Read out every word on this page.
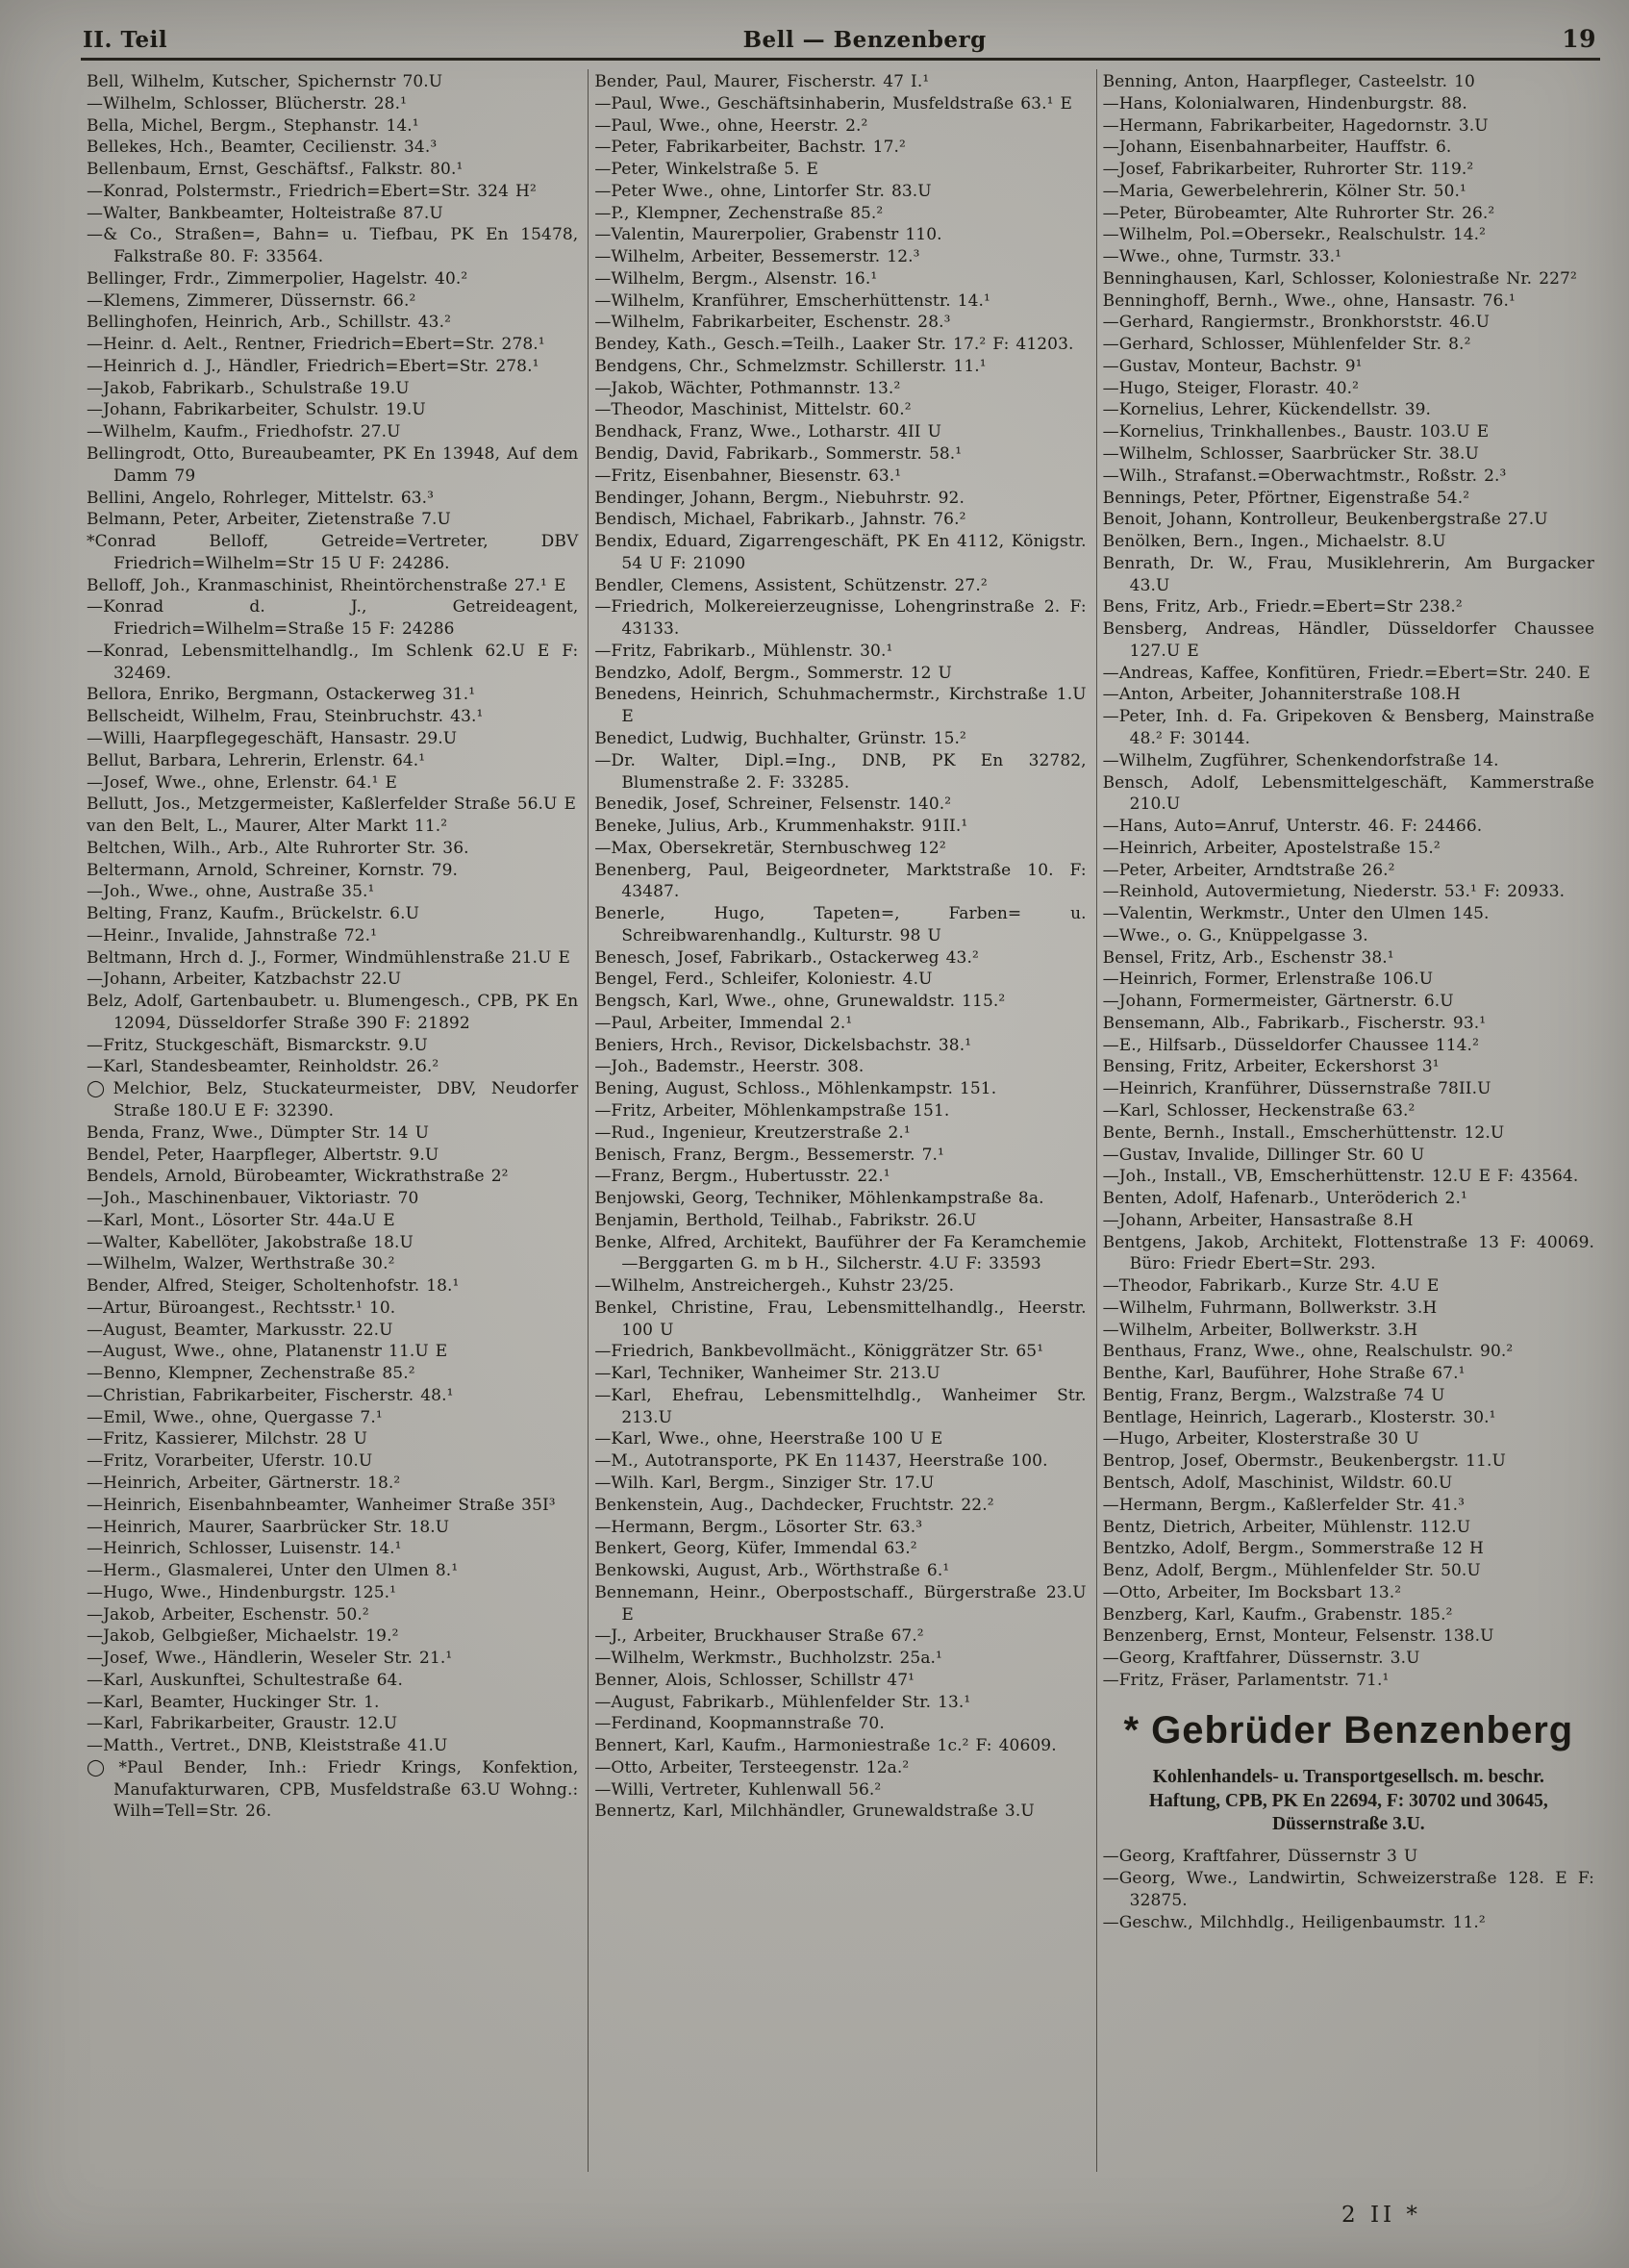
II. Teil	Bell — Benzenberg	19
Bell, Wilhelm, Kutscher, Spichernstr 70.U
—Wilhelm, Schlosser, Blücherstr. 28.¹
Bella, Michel, Bergm., Stephanstr. 14.¹
Bellekes, Hch., Beamter, Cecilienstr. 34.³
Bellenbaum, Ernst, Geschäftsf., Falkstr. 80.¹
—Konrad, Polstermstr., Friedrich=Ebert=Str. 324 H²
—Walter, Bankbeamter, Holteistraße 87.U
—& Co., Straßen=, Bahn= u. Tiefbau, PK En 15478, Falkstraße 80. F: 33564.
Bellinger, Frdr., Zimmerpolier, Hagelstr. 40.²
—Klemens, Zimmerer, Düssernstr. 66.²
Bellinghofen, Heinrich, Arb., Schillstr. 43.²
—Heinr. d. Aelt., Rentner, Friedrich=Ebert=Str. 278.¹
—Heinrich d. J., Händler, Friedrich=Ebert=Str. 278.¹
—Jakob, Fabrikarb., Schulstraße 19.U
—Johann, Fabrikarbeiter, Schulstr. 19.U
—Wilhelm, Kaufm., Friedhofstr. 27.U
Bellingrodt, Otto, Bureaubeamter, PK En 13948, Auf dem Damm 79
Bellini, Angelo, Rohrleger, Mittelstr. 63.³
Belmann, Peter, Arbeiter, Zietenstraße 7.U
*Conrad Belloff, Getreide=Vertreter, DBV Friedrich=Wilhelm=Str 15 U F: 24286.
Belloff, Joh., Kranmaschinist, Rheintörchenstraße 27.¹ E
—Konrad d. J., Getreideagent, Friedrich=Wilhelm=Straße 15 F: 24286
—Konrad, Lebensmittelhandlg., Im Schlenk 62.U E F: 32469.
Bellora, Enriko, Bergmann, Ostackerweg 31.¹
Bellscheidt, Wilhelm, Frau, Steinbruchstr. 43.¹
—Willi, Haarpflegegeschäft, Hansastr. 29.U
Bellut, Barbara, Lehrerin, Erlenstr. 64.¹
—Josef, Wwe., ohne, Erlenstr. 64.¹ E
Bellutt, Jos., Metzgermeister, Kaßlerfelder Straße 56.U E
van den Belt, L., Maurer, Alter Markt 11.²
Beltchen, Wilh., Arb., Alte Ruhrorter Str. 36.
Beltermann, Arnold, Schreiner, Kornstr. 79.
—Joh., Wwe., ohne, Austraße 35.¹
Belting, Franz, Kaufm., Brückelstr. 6.U
—Heinr., Invalide, Jahnstraße 72.¹
Beltmann, Hrch d. J., Former, Windmühlenstraße 21.U E
—Johann, Arbeiter, Katzbachstr 22.U
Belz, Adolf, Gartenbaubetr. u. Blumengesch., CPB, PK En 12094, Düsseldorfer Straße 390 F: 21892
—Fritz, Stuckgeschäft, Bismarckstr. 9.U
—Karl, Standesbeamter, Reinholdstr. 26.²
◯Melchior, Belz, Stuckateurmeister, DBV, Neudorfer Straße 180.U E F: 32390.
Benda, Franz, Wwe., Dümpter Str. 14 U
Bendel, Peter, Haarpfleger, Albertstr. 9.U
Bendels, Arnold, Bürobeamter, Wickrathstraße 2²
—Joh., Maschinenbauer, Viktoriastr. 70
—Karl, Mont., Lösorter Str. 44a.U E
—Walter, Kabellöter, Jakobstraße 18.U
—Wilhelm, Walzer, Werthstraße 30.²
Bender, Alfred, Steiger, Scholtenhofstr. 18.¹
—Artur, Büroangest., Rechtsstr.¹ 10.
—August, Beamter, Markusstr. 22.U
—August, Wwe., ohne, Platanenstr 11.U E
—Benno, Klempner, Zechenstraße 85.²
—Christian, Fabrikarbeiter, Fischerstr. 48.¹
—Emil, Wwe., ohne, Quergasse 7.¹
—Fritz, Kassierer, Milchstr. 28 U
—Fritz, Vorarbeiter, Uferstr. 10.U
—Heinrich, Arbeiter, Gärtnerstr. 18.²
—Heinrich, Eisenbahnbeamter, Wanheimer Straße 35I³
—Heinrich, Maurer, Saarbrücker Str. 18.U
—Heinrich, Schlosser, Luisenstr. 14.¹
—Herm., Glasmalerei, Unter den Ulmen 8.¹
—Hugo, Wwe., Hindenburgstr. 125.¹
—Jakob, Arbeiter, Eschenstr. 50.²
—Jakob, Gelbgießer, Michaelstr. 19.²
—Josef, Wwe., Händlerin, Weseler Str. 21.¹
—Karl, Auskunftei, Schultestraße 64.
—Karl, Beamter, Huckinger Str. 1.
—Karl, Fabrikarbeiter, Graustr. 12.U
—Matth., Vertret., DNB, Kleiststraße 41.U
◯*Paul Bender, Inh.: Friedr Krings, Konfektion, Manufakturwaren, CPB, Musfeldstraße 63.U Wohng.: Wilh=Tell=Str. 26.
Bender, Paul, Maurer, Fischerstr. 47 I.¹
—Paul, Wwe., Geschäftsinhaberin, Musfeldstraße 63.¹ E
—Paul, Wwe., ohne, Heerstr. 2.²
—Peter, Fabrikarbeiter, Bachstr. 17.²
—Peter, Winkelstraße 5. E
—Peter Wwe., ohne, Lintorfer Str. 83.U
—P., Klempner, Zechenstraße 85.²
—Valentin, Maurerpolier, Grabenstr 110.
—Wilhelm, Arbeiter, Bessemerstr. 12.³
—Wilhelm, Bergm., Alsenstr. 16.¹
—Wilhelm, Kranführer, Emscherhüttenstr. 14.¹
—Wilhelm, Fabrikarbeiter, Eschenstr. 28.³
Bendey, Kath., Gesch.=Teilh., Laaker Str. 17.² F: 41203.
Bendgens, Chr., Schmelzmstr. Schillerstr. 11.¹
—Jakob, Wächter, Pothmannstr. 13.²
—Theodor, Maschinist, Mittelstr. 60.²
Bendhack, Franz, Wwe., Lotharstr. 4II U
Bendig, David, Fabrikarb., Sommerstr. 58.¹
—Fritz, Eisenbahner, Biesenstr. 63.¹
Bendinger, Johann, Bergm., Niebuhrstr. 92.
Bendisch, Michael, Fabrikarb., Jahnstr. 76.²
Bendix, Eduard, Zigarrengeschäft, PK En 4112, Königstr. 54 U F: 21090
Bendler, Clemens, Assistent, Schützenstr. 27.²
—Friedrich, Molkereierzeugnisse, Lohengrinstraße 2. F: 43133.
—Fritz, Fabrikarb., Mühlenstr. 30.¹
Bendzko, Adolf, Bergm., Sommerstr. 12 U
Benedens, Heinrich, Schuhmachermstr., Kirchstraße 1.U E
Benedict, Ludwig, Buchhalter, Grünstr. 15.²
—Dr. Walter, Dipl.=Ing., DNB, PK En 32782, Blumenstraße 2. F: 33285.
Benedik, Josef, Schreiner, Felsenstr. 140.²
Beneke, Julius, Arb., Krummenhakstr. 91II.¹
—Max, Obersekretär, Sternbuschweg 12²
Benenberg, Paul, Beigeordneter, Marktstraße 10. F: 43487.
Benerle, Hugo, Tapeten=, Farben= u. Schreibwarenhandlg., Kulturstr. 98 U
Benesch, Josef, Fabrikarb., Ostackerweg 43.²
Bengel, Ferd., Schleifer, Koloniestr. 4.U
Bengsch, Karl, Wwe., ohne, Grunewaldstr. 115.²
—Paul, Arbeiter, Immendal 2.¹
Beniers, Hrch., Revisor, Dickelsbachstr. 38.¹
—Joh., Bademstr., Heerstr. 308.
Bening, August, Schloss., Möhlenkampstr. 151.
—Fritz, Arbeiter, Möhlenkampstraße 151.
—Rud., Ingenieur, Kreutzerstraße 2.¹
Benisch, Franz, Bergm., Bessemerstr. 7.¹
—Franz, Bergm., Hubertusstr. 22.¹
Benjowski, Georg, Techniker, Möhlenkampstraße 8a.
Benjamin, Berthold, Teilhab., Fabrikstr. 26.U
Benke, Alfred, Architekt, Bauführer der Fa Keramchemie—Berggarten G. m b H., Silcherstr. 4.U F: 33593
—Wilhelm, Anstreichergeh., Kuhstr 23/25.
Benkel, Christine, Frau, Lebensmittelhandlg., Heerstr. 100 U
—Friedrich, Bankbevollmächt., Königgrätzer Str. 65¹
—Karl, Techniker, Wanheimer Str. 213.U
—Karl, Ehefrau, Lebensmittelhdlg., Wanheimer Str. 213.U
—Karl, Wwe., ohne, Heerstraße 100 U E
—M., Autotransporte, PK En 11437, Heerstraße 100.
—Wilh. Karl, Bergm., Sinziger Str. 17.U
Benkenstein, Aug., Dachdecker, Fruchtstr. 22.²
—Hermann, Bergm., Lösorter Str. 63.³
Benkert, Georg, Küfer, Immendal 63.²
Benkowski, August, Arb., Wörthstraße 6.¹
Bennemann, Heinr., Oberpostschaff., Bürgerstraße 23.U E
—J., Arbeiter, Bruckhauser Straße 67.²
—Wilhelm, Werkmstr., Buchholzstr. 25a.¹
Benner, Alois, Schlosser, Schillstr 47¹
—August, Fabrikarb., Mühlenfelder Str. 13.¹
—Ferdinand, Koopmannstraße 70.
Bennert, Karl, Kaufm., Harmoniestraße 1c.² F: 40609.
—Otto, Arbeiter, Tersteegenstr. 12a.²
—Willi, Vertreter, Kuhlenwall 56.²
Bennertz, Karl, Milchhändler, Grunewaldstraße 3.U
Benning, Anton, Haarpfleger, Casteelstr. 10
—Hans, Kolonialwaren, Hindenburgstr. 88.
—Hermann, Fabrikarbeiter, Hagedornstr. 3.U
—Johann, Eisenbahnarbeiter, Hauffstr. 6.
—Josef, Fabrikarbeiter, Ruhrorter Str. 119.²
—Maria, Gewerbelehrerin, Kölner Str. 50.¹
—Peter, Bürobeamter, Alte Ruhrorter Str. 26.²
—Wilhelm, Pol.=Obersekr., Realschulstr. 14.²
—Wwe., ohne, Turmstr. 33.¹
Benninghausen, Karl, Schlosser, Koloniestraße Nr. 227²
Benninghoff, Bernh., Wwe., ohne, Hansastr. 76.¹
—Gerhard, Rangiermstr., Bronkhorststr. 46.U
—Gerhard, Schlosser, Mühlenfelder Str. 8.²
—Gustav, Monteur, Bachstr. 9¹
—Hugo, Steiger, Florastr. 40.²
—Kornelius, Lehrer, Kückendellstr. 39.
—Kornelius, Trinkhallenbes., Baustr. 103.U E
—Wilhelm, Schlosser, Saarbrücker Str. 38.U
—Wilh., Strafanst.=Oberwachtmstr., Roßstr. 2.³
Bennings, Peter, Pförtner, Eigenstraße 54.²
Benoit, Johann, Kontrolleur, Beukenbergstraße 27.U
Benölken, Bern., Ingen., Michaelstr. 8.U
Benrath, Dr. W., Frau, Musiklehrerin, Am Burgacker 43.U
Bens, Fritz, Arb., Friedr.=Ebert=Str 238.²
Bensberg, Andreas, Händler, Düsseldorfer Chaussee 127.U E
—Andreas, Kaffee, Konfitüren, Friedr.=Ebert=Str. 240. E
—Anton, Arbeiter, Johanniterstraße 108.H
—Peter, Inh. d. Fa. Gripekoven & Bensberg, Mainstraße 48.² F: 30144.
—Wilhelm, Zugführer, Schenkendorfstraße 14.
Bensch, Adolf, Lebensmittelgeschäft, Kammerstraße 210.U
—Hans, Auto=Anruf, Unterstr. 46. F: 24466.
—Heinrich, Arbeiter, Apostelstraße 15.²
—Peter, Arbeiter, Arndtstraße 26.²
—Reinhold, Autovermietung, Niederstr. 53.¹ F: 20933.
—Valentin, Werkmstr., Unter den Ulmen 145.
—Wwe., o. G., Knüppelgasse 3.
Bensel, Fritz, Arb., Eschenstr 38.¹
—Heinrich, Former, Erlenstraße 106.U
—Johann, Formermeister, Gärtnerstr. 6.U
Bensemann, Alb., Fabrikarb., Fischerstr. 93.¹
—E., Hilfsarb., Düsseldorfer Chaussee 114.²
Bensing, Fritz, Arbeiter, Eckershorst 3¹
—Heinrich, Kranführer, Düssernstraße 78II.U
—Karl, Schlosser, Heckenstraße 63.²
Bente, Bernh., Install., Emscherhüttenstr. 12.U
—Gustav, Invalide, Dillinger Str. 60 U
—Joh., Install., VB, Emscherhüttenstr. 12.U E F: 43564.
Benten, Adolf, Hafenarb., Unteröderich 2.¹
—Johann, Arbeiter, Hansastraße 8.H
Bentgens, Jakob, Architekt, Flottenstraße 13 F: 40069. Büro: Friedr Ebert=Str. 293.
—Theodor, Fabrikarb., Kurze Str. 4.U E
—Wilhelm, Fuhrmann, Bollwerkstr. 3.H
—Wilhelm, Arbeiter, Bollwerkstr. 3.H
Benthaus, Franz, Wwe., ohne, Realschulstr. 90.²
Benthe, Karl, Bauführer, Hohe Straße 67.¹
Bentig, Franz, Bergm., Walzstraße 74 U
Bentlage, Heinrich, Lagerarb., Klosterstr. 30.¹
—Hugo, Arbeiter, Klosterstraße 30 U
Bentrop, Josef, Obermstr., Beukenbergstr. 11.U
Bentsch, Adolf, Maschinist, Wildstr. 60.U
—Hermann, Bergm., Kaßlerfelder Str. 41.³
Bentz, Dietrich, Arbeiter, Mühlenstr. 112.U
Bentzko, Adolf, Bergm., Sommerstraße 12 H
Benz, Adolf, Bergm., Mühlenfelder Str. 50.U
—Otto, Arbeiter, Im Bocksbart 13.²
Benzberg, Karl, Kaufm., Grabenstr. 185.²
Benzenberg, Ernst, Monteur, Felsenstr. 138.U
—Georg, Kraftfahrer, Düssernstr. 3.U
—Fritz, Fräser, Parlamentstr. 71.¹
* Gebrüder Benzenberg
Kohlenhandels- u. Transportgesellsch. m. beschr.
Haftung, CPB, PK En 22694, F: 30702 und 30645,
Düssernstraße 3.U.
—Georg, Kraftfahrer, Düssernstr 3 U
—Georg, Wwe., Landwirtin, Schweizerstraße 128. E F: 32875.
—Geschw., Milchhdlg., Heiligenbaumstr. 11.²
2 II *
